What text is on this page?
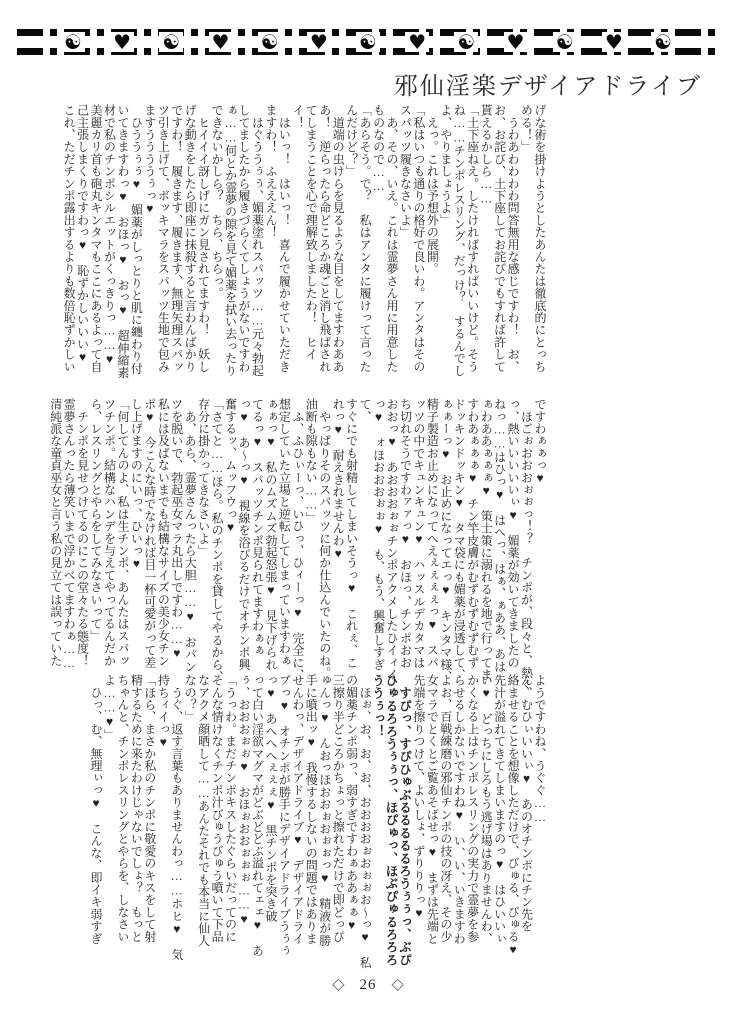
☯ ♥ ☯ ♥ ☯ ♥ ☯ ♥ ☯ ♥ ☯ ♥ ☯
邪仙淫楽デザイアドライブ
げな術を掛けようとしたあんたは徹底的にとっち
める！」
　うわあわわわわ問答無用な感じですわ！　お、
お、お詫び、土下座してお詫びでもすれば許して
貰えるかしら……
「土下座ねえ。したければすればいいけど。そう
ね……チンポレスリング、だっけ？　するんでし
よ、やりましょうよ」
　えっ。これは予想外の展開。
「私はいつも通りの格好で良いわ。アンタはその
スパッツ履きなさいよ」
　あ、その、いえ。これは霊夢さん用に用意した
ものなので……
「あらそう。で？　私はアンタに履けって言った
んだけど？」
　道端の虫けらを見るような目をしてますわああ
あ！　逆らったら命どころか魂ごと消し飛ばされ
てしまうことを心で理解致しましたわ！　ヒイ
イ！
　はいっ！　はいっ！　喜んで履かせていただき
ますわ！　ふえええん！
　はぐううぅぅ、媚薬塗れスパッツ……元々勃起
してましたから履きづらくてしょうがないですわ
ぁ……何とか霊夢の隙を見て媚薬を拭い去ったり
できないかしら？　ちら、ちらっ。
　ヒイイイ訝しげにガン見されてますわ！　妖し
げな動きをしたら即座に抹殺すると言わんばかり
ですわ！　履きます、履きます、無理矢理スパッ
ツ引き上げて、ボッキマラをスパッツ生地で包み
ますううううぅっ♥
　ひううぅぅ♥　媚薬がしっとりと肌に纏わり付
いてきますわっ♥　おほっ♥　おっ♥　超伸縮素
材で私のチンポシルエットがくっきりっ……♥
美麗カリ首も砲丸キンタマもここにあるよって自
己主張しまくりですわっ♥　恥ずかしいいい♥
これ、ただチンポ露出するよりも数倍恥ずかしい
ですわぁぁっ♥
　ほごぉおおおぉぉっ！？　チンポが、段々と、熱く
っ、熱いいいいいぃ♥　媚薬が効いてきましたの
ねっ……はひっ♥　はへっ、はぁ、ぁああ、あは
ぁわああぁぁぁ♥　策士策に溺れるを地で行ってま
すわあぁぁぁ♥　チン竿皮膚がむずむずむずむず
ドッキンドッキン♥　タマ袋にも媚薬が浸透して、
ぁぁーっ♥　お止めになってエっ♥　キンタマ様、
精子製造お止めになってへえぇぇぇぇっ♥　スパ
ッツの中でキュンキュン♥　ハッスルデカタマは
ち切れそうですわァァっ♥　おほっ、チンポおお
おおっ♥　あおおおぉぉチンポアクメしたひイィイ
っ♥　ォほおおおぉぉ♥　も、もう、興奮しすぎて、
すぐにでも射精してしまいそうっ♥　これぇ、こ
れっ♥　耐えきれませんわ♥
　やっぱりそのスパッツに何か仕込んでいたのね。
油断も隙もない……」
　ふ、ふひぃーっ、いひっ、ひィーっ♥　完全に、
想定していた立場と逆転してしまっていますわぁ
ぁぁっ♥　私のムズムズ勃起怒張♥　見下げられ
てるっ♥　スパッツチンポ見られてますわぁぁ
っ♥　あ〜っ♥　視線を浴びるだけでオチンポ興
奮するッ、ムッフウっ♥
「さてと……ほら。私のチンポを貸してやるから、
存分に掛かってきなさいよ」
　あ、あら、霊夢さんったら大胆……♥　おパン
ツを脱いで、勃起巫女マラ丸出しですわ……♥
私には及ばないまでも結構なサイズの美少女チン
ポ♥　今こんな時でなければ目一杯可愛がって差
し上げますのにいっ、ひいっ♥
「何してんのよ、私は生チンポ、あんたはスパッ
ツチンポ。結構なハンデを与えてやってるんだか
ら、レスリングとやらをしてみなさいって」
　チンポを見せつけてるのにこの堂々たる態度！
霊夢さんったら薄笑いまで浮かべてますわぁ……
清純派な童貞巫女と言う私の見立ては誤っていた
ようですわね、うぐぐ……
ん、むひぃいいぃ♥　あのオチンポにチン先を
絡ませることを想像しただけで、びゅる、びゅる♥
先汁が溢れてきてしまいますのっ♥　はひいいぃ
い♥　どっちにしろもう逃げ場はありませんわ、
かくなる上はチンポレスリングの実力で霊夢を参
らせるしかないですわね♥　い、い、いきますわ
よお、百戦練磨の邪仙チンポの技の冴え、その少
女マラでとくとご覧あそばせっ♥　まずは先端と
先端を擦りつけて、よいしょ、ずりりりっ♥
　すぴっ、すぴひゅぶるるるるるろうぅぅっ、ぶぴ
ひゅるろろうぅぅっ、ほぴゅっ、ほぶぴゅるろろろ
ううぅっ！
　ほぉ、お、お、お、おおおおぉおぉぉお〜っ♥　私
の媚薬チンポ弱っ、弱すぎですわぁああぁぁ♥
三擦り半どころかちょっと擦れただけで即どっぴ
ゅんっ♥　んおっほおおぉおぉぉっ♥　精液が勝
手に噴出ッ♥　我慢するしないの問題ではありま
せんわっ、デザイアドライブ♥　デザイアドライ
ブっ♥　オチンポが勝手にデザイアドライブうぅぅ
っ♥　あへへへぇぇぇ♥　黒チンポを突き破
って白い淫欲マグマがどぶどどぶ溢れてェェ♥　あ
ぅ、おおおぉぉ♥　おほぉおおぉぉぉ……♥
「うっわ。まだチンポキスしたぐらいだってのに
そんな情けなくチンポ汁びゅうびゅう噴いて下品
なアクメ顔晒して……あんたそれでも本当に仙人
なの？」
　うぐ、返す言葉もありませんわっ……ホヒ♥　気
持ちィイっ♥
「ほら、まさか私のチンポに敬愛のキスをして射
精するために来たわけじゃないでしょ？　もっと
ちゃんと、チンポレスリングとやらを、しなさい
よ……♥」
　ひっ、む、無理ぃっ♥　こんな、即イキ弱すぎ
◇ 26 ◇
